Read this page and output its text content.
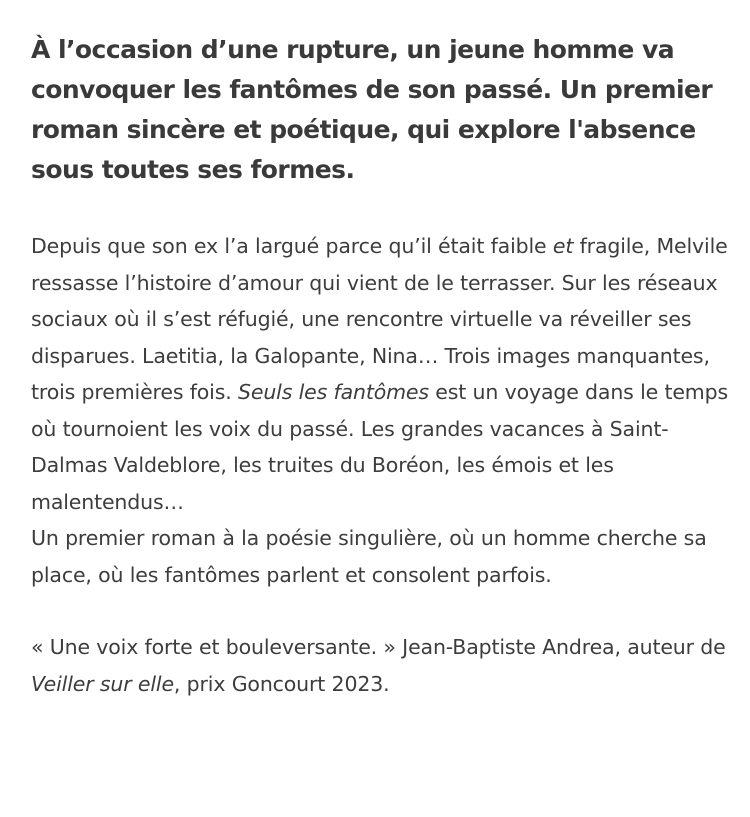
À l’occasion d’une rupture, un jeune homme va convoquer les fantômes de son passé. Un premier roman sincère et poétique, qui explore l'absence sous toutes ses formes.

Depuis que son ex l’a largué parce qu’il était faible et fragile, Melvile ressasse l’histoire d’amour qui vient de le terrasser. Sur les réseaux sociaux où il s’est réfugié, une rencontre virtuelle va réveiller ses disparues. Laetitia, la Galopante, Nina… Trois images manquantes, trois premières fois. Seuls les fantômes est un voyage dans le temps où tournoient les voix du passé. Les grandes vacances à Saint-Dalmas Valdeblore, les truites du Boréon, les émois et les malentendus…
Un premier roman à la poésie singulière, où un homme cherche sa place, où les fantômes parlent et consolent parfois.
« Une voix forte et bouleversante. » Jean-Baptiste Andrea, auteur de Veiller sur elle, prix Goncourt 2023.
